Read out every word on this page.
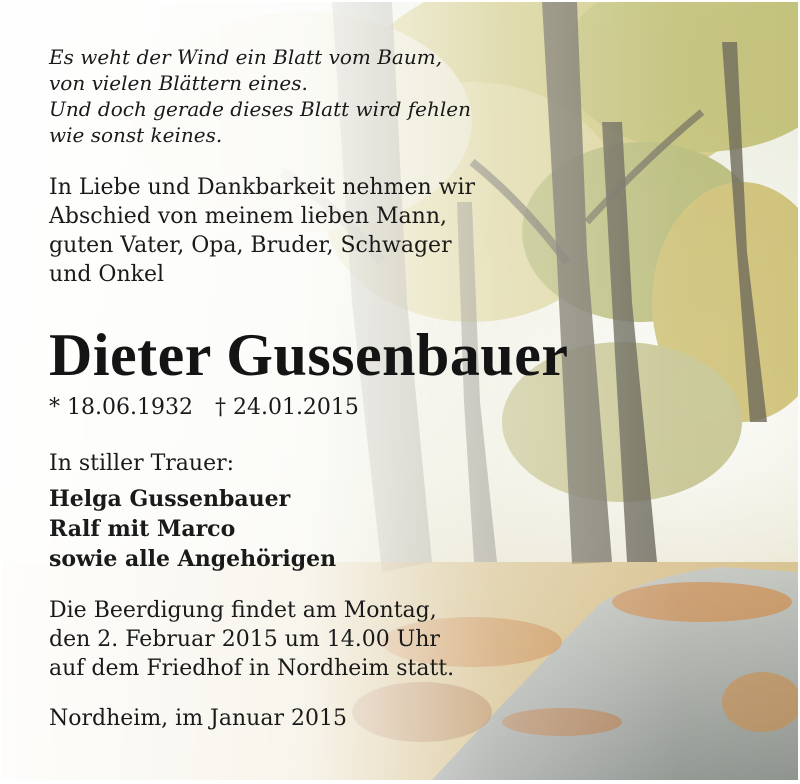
Es weht der Wind ein Blatt vom Baum,
von vielen Blättern eines.
Und doch gerade dieses Blatt wird fehlen
wie sonst keines.
In Liebe und Dankbarkeit nehmen wir
Abschied von meinem lieben Mann,
guten Vater, Opa, Bruder, Schwager
und Onkel
Dieter Gussenbauer
* 18.06.1932 † 24.01.2015
In stiller Trauer:
Helga Gussenbauer
Ralf mit Marco
sowie alle Angehörigen
Die Beerdigung findet am Montag,
den 2. Februar 2015 um 14.00 Uhr
auf dem Friedhof in Nordheim statt.
Nordheim, im Januar 2015
